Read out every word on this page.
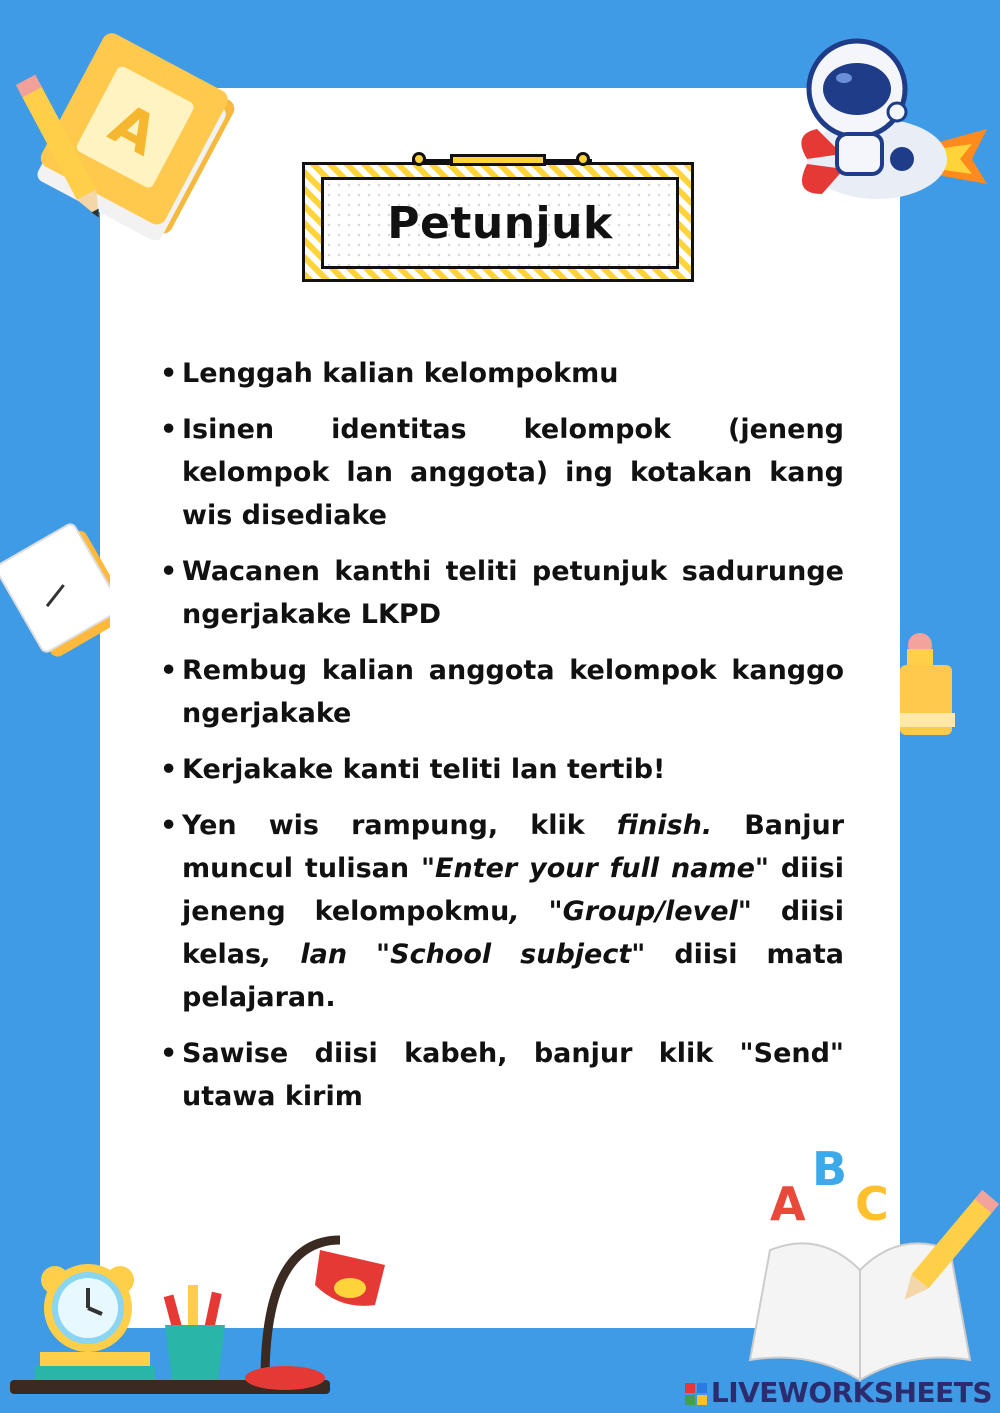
Petunjuk
• Lenggah kalian kelompokmu
• Isinen identitas kelompok (jeneng kelompok lan anggota) ing kotakan kang wis disediake
• Wacanen kanthi teliti petunjuk sadurunge ngerjakake LKPD
• Rembug kalian anggota kelompok kanggo ngerjakake
• Kerjakake kanti teliti lan tertib!
• Yen wis rampung, klik finish. Banjur muncul tulisan "Enter your full name" diisi jeneng kelompokmu, "Group/level" diisi kelas, lan "School subject" diisi mata pelajaran.
• Sawise diisi kabeh, banjur klik "Send" utawa kirim
A
A
B
C
LIVEWORKSHEETS
